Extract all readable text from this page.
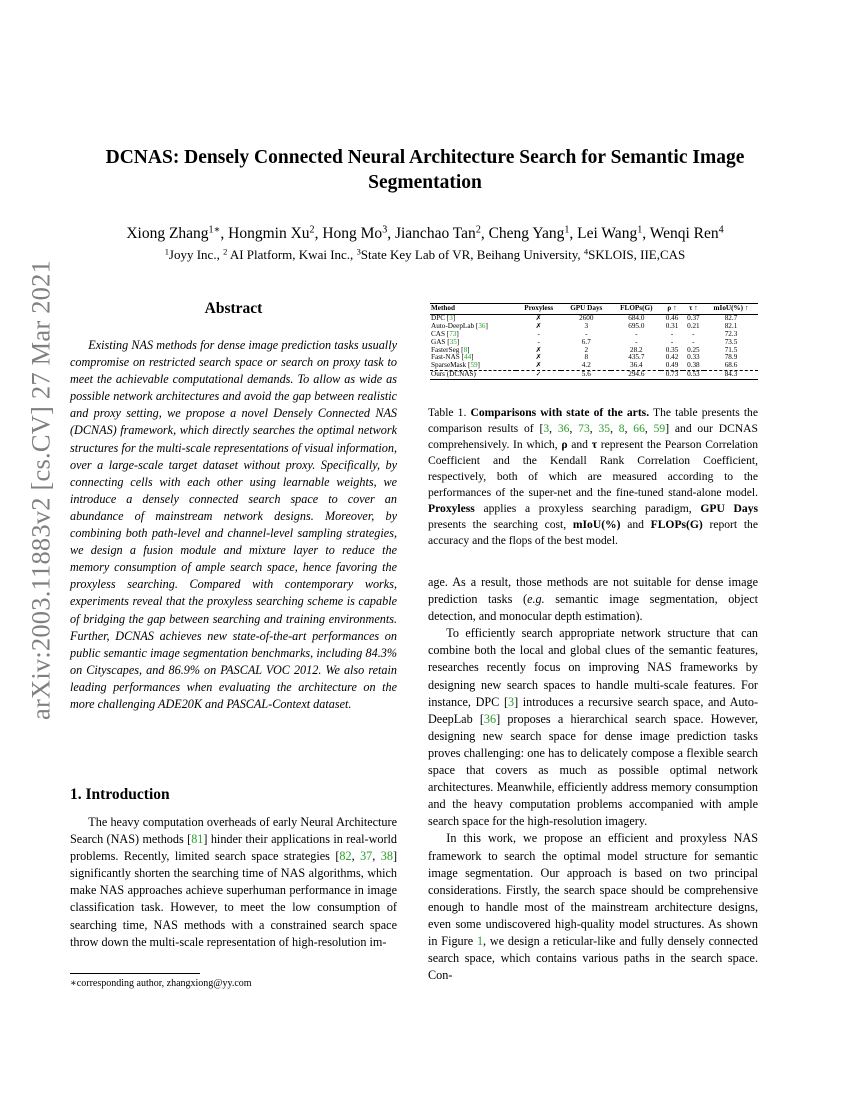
arXiv:2003.11883v2 [cs.CV] 27 Mar 2021
DCNAS: Densely Connected Neural Architecture Search for Semantic Image Segmentation
Xiong Zhang$^{1∗}$, Hongmin Xu$^2$, Hong Mo$^3$, Jianchao Tan$^2$, Cheng Yang$^1$, Lei Wang$^1$, Wenqi Ren$^4$
$^1$Joyy Inc., $^2$ AI Platform, Kwai Inc., $^3$State Key Lab of VR, Beihang University, $^4$SKLOIS, IIE,CAS
Abstract

Existing NAS methods for dense image prediction tasks usually compromise on restricted search space or search on proxy task to meet the achievable computational demands. To allow as wide as possible network architectures and avoid the gap between realistic and proxy setting, we propose a novel Densely Connected NAS (DCNAS) framework, which directly searches the optimal network structures for the multi-scale representations of visual information, over a large-scale target dataset without proxy. Specifically, by connecting cells with each other using learnable weights, we introduce a densely connected search space to cover an abundance of mainstream network designs. Moreover, by combining both path-level and channel-level sampling strategies, we design a fusion module and mixture layer to reduce the memory consumption of ample search space, hence favoring the proxyless searching. Compared with contemporary works, experiments reveal that the proxyless searching scheme is capable of bridging the gap between searching and training environments. Further, DCNAS achieves new state-of-the-art performances on public semantic image segmentation benchmarks, including 84.3% on Cityscapes, and 86.9% on PASCAL VOC 2012. We also retain leading performances when evaluating the architecture on the more challenging ADE20K and PASCAL-Context dataset.

1. Introduction

The heavy computation overheads of early Neural Architecture Search (NAS) methods [81] hinder their applications in real-world problems. Recently, limited search space strategies [82, 37, 38] significantly shorten the searching time of NAS algorithms, which make NAS approaches achieve superhuman performance in image classification task. However, to meet the low consumption of searching time, NAS methods with a constrained search space throw down the multi-scale representation of high-resolution im-

∗corresponding author, zhangxiong@yy.com
Method	Proxyless	GPU Days	FLOPs(G)	ρ ↑	τ ↑	mIoU(%) ↑
DPC [3]	✗	2600	684.0	0.46	0.37	82.7
Auto-DeepLab [36]	✗	3	695.0	0.31	0.21	82.1
CAS [73]	-	-	-	-	-	72.3
GAS [35]	-	6.7	-	-	-	73.5
FasterSeg [8]	✗	2	28.2	0.35	0.25	71.5
Fast-NAS [44]	✗	8	435.7	0.42	0.33	78.9
SparseMask [59]	✗	4.2	36.4	0.49	0.38	68.6
Ours (DCNAS)	✓	5.6	294.6	0.73	0.53	84.3

Table 1. Comparisons with state of the arts. The table presents the comparison results of [3, 36, 73, 35, 8, 66, 59] and our DCNAS comprehensively. In which, ρ and τ represent the Pearson Correlation Coefficient and the Kendall Rank Correlation Coefficient, respectively, both of which are measured according to the performances of the super-net and the fine-tuned stand-alone model. Proxyless applies a proxyless searching paradigm, GPU Days presents the searching cost, mIoU(%) and FLOPs(G) report the accuracy and the flops of the best model.

age. As a result, those methods are not suitable for dense image prediction tasks (e.g. semantic image segmentation, object detection, and monocular depth estimation).

To efficiently search appropriate network structure that can combine both the local and global clues of the semantic features, researches recently focus on improving NAS frameworks by designing new search spaces to handle multi-scale features. For instance, DPC [3] introduces a recursive search space, and Auto-DeepLab [36] proposes a hierarchical search space. However, designing new search space for dense image prediction tasks proves challenging: one has to delicately compose a flexible search space that covers as much as possible optimal network architectures. Meanwhile, efficiently address memory consumption and the heavy computation problems accompanied with ample search space for the high-resolution imagery.

In this work, we propose an efficient and proxyless NAS framework to search the optimal model structure for semantic image segmentation. Our approach is based on two principal considerations. Firstly, the search space should be comprehensive enough to handle most of the mainstream architecture designs, even some undiscovered high-quality model structures. As shown in Figure 1, we design a reticular-like and fully densely connected search space, which contains various paths in the search space. Con-
